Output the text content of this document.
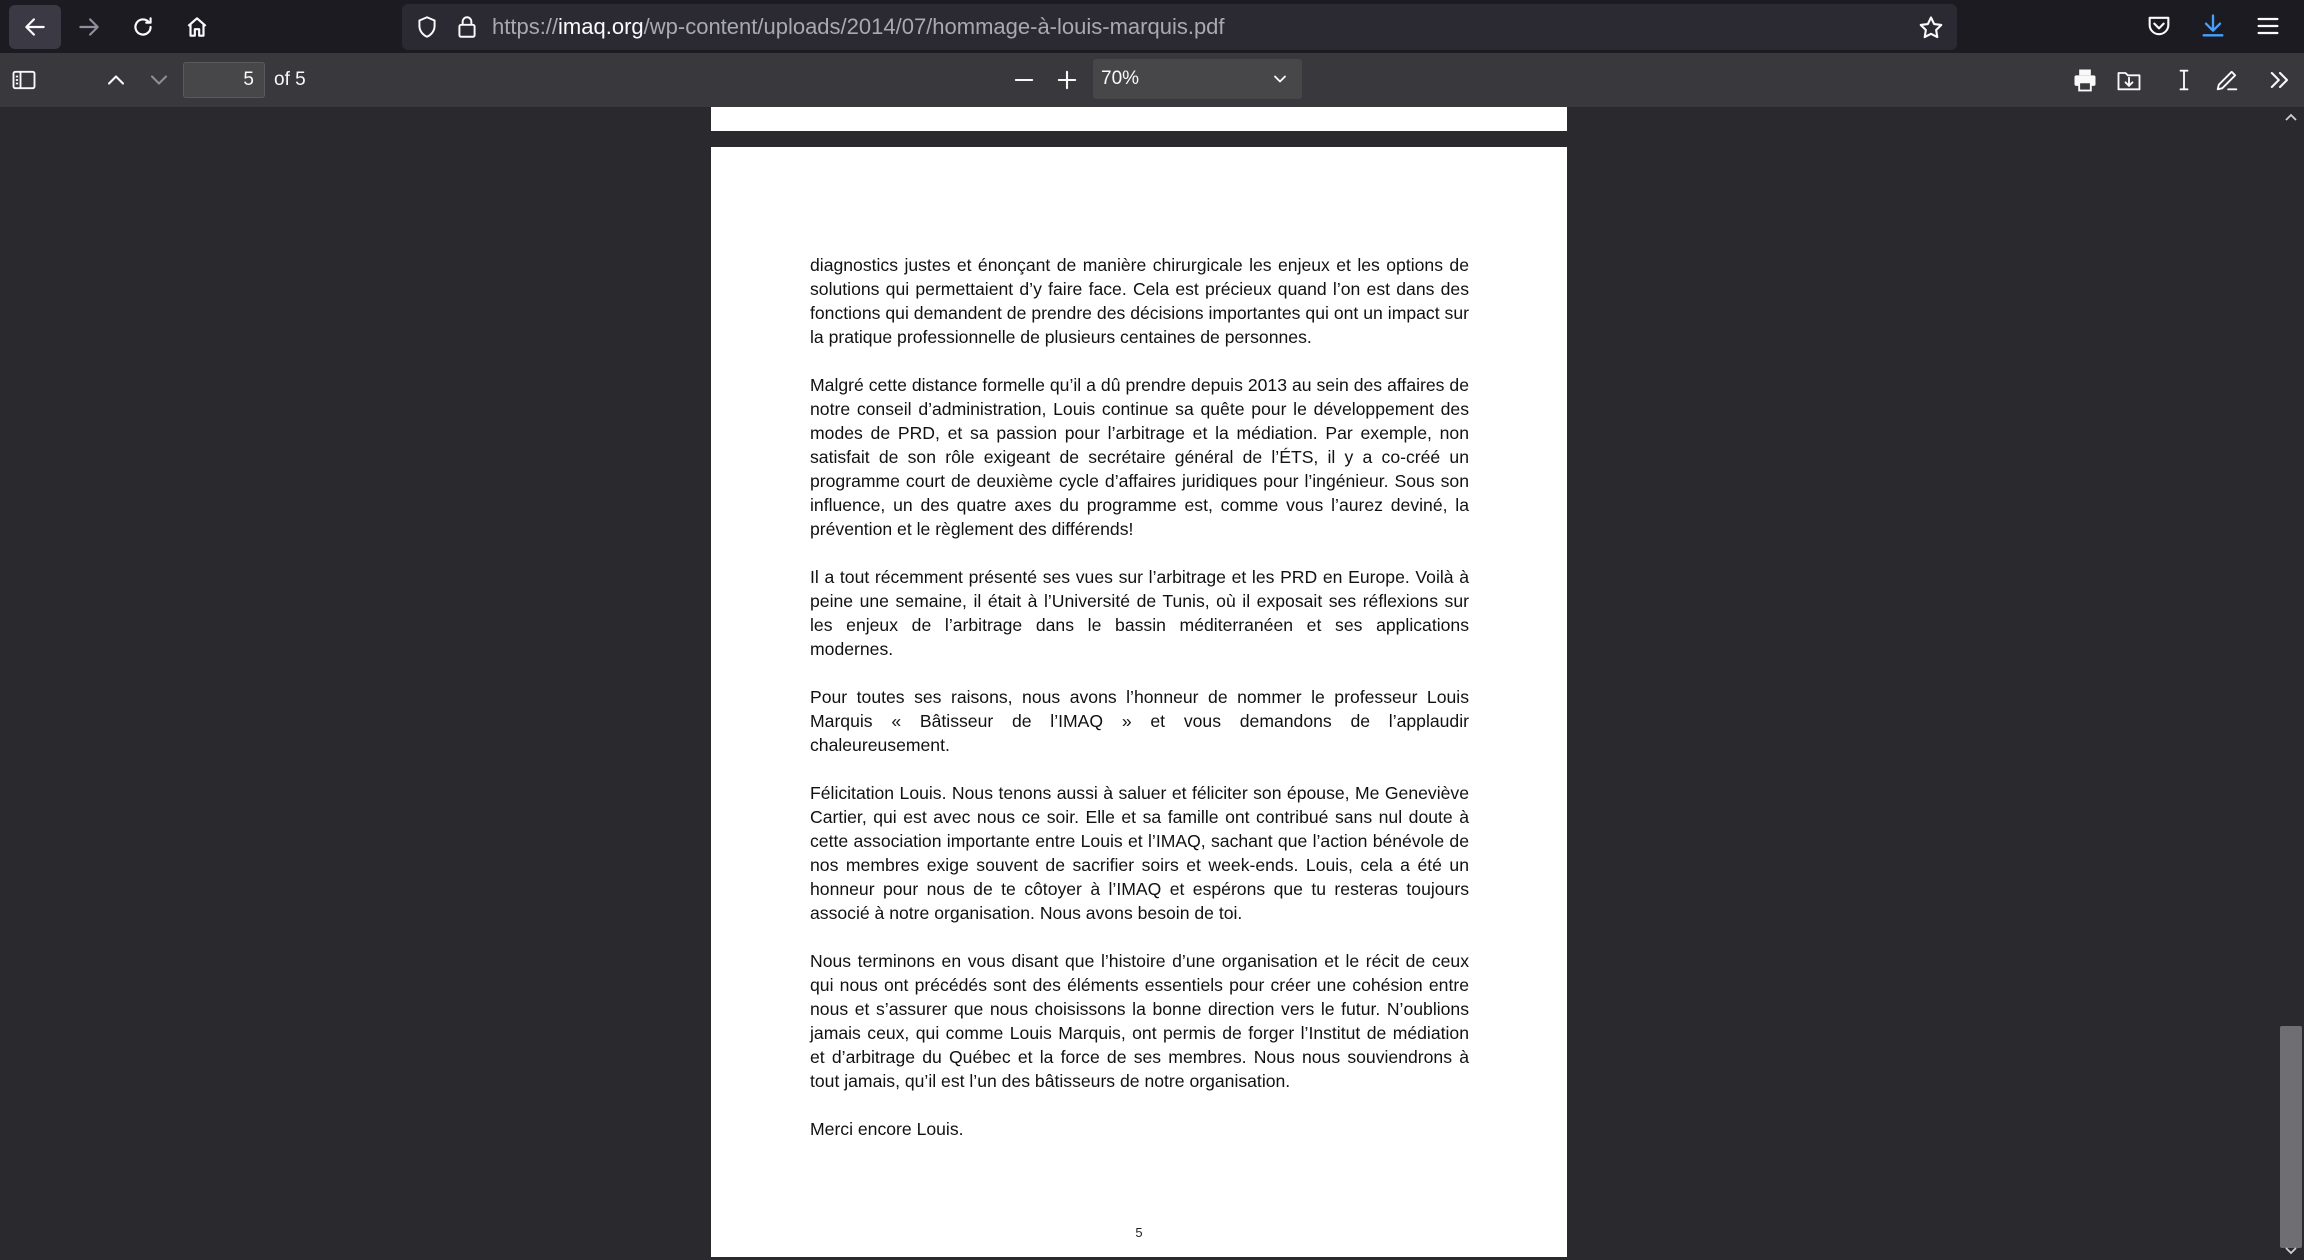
https://imaq.org/wp-content/uploads/2014/07/hommage-à-louis-marquis.pdf
5	of 5	70%

diagnostics justes et énonçant de manière chirurgicale les enjeux et les options de solutions qui permettaient d’y faire face. Cela est précieux quand l’on est dans des fonctions qui demandent de prendre des décisions importantes qui ont un impact sur la pratique professionnelle de plusieurs centaines de personnes.

Malgré cette distance formelle qu’il a dû prendre depuis 2013 au sein des affaires de notre conseil d’administration, Louis continue sa quête pour le développement des modes de PRD, et sa passion pour l’arbitrage et la médiation. Par exemple, non satisfait de son rôle exigeant de secrétaire général de l’ÉTS, il y a co-créé un programme court de deuxième cycle d’affaires juridiques pour l’ingénieur. Sous son influence, un des quatre axes du programme est, comme vous l’aurez deviné, la prévention et le règlement des différends!

Il a tout récemment présenté ses vues sur l’arbitrage et les PRD en Europe. Voilà à peine une semaine, il était à l’Université de Tunis, où il exposait ses réflexions sur les enjeux de l’arbitrage dans le bassin méditerranéen et ses applications modernes.

Pour toutes ses raisons, nous avons l’honneur de nommer le professeur Louis Marquis « Bâtisseur de l’IMAQ » et vous demandons de l’applaudir chaleureusement.

Félicitation Louis. Nous tenons aussi à saluer et féliciter son épouse, Me Geneviève Cartier, qui est avec nous ce soir. Elle et sa famille ont contribué sans nul doute à cette association importante entre Louis et l’IMAQ, sachant que l’action bénévole de nos membres exige souvent de sacrifier soirs et week-ends. Louis, cela a été un honneur pour nous de te côtoyer à l’IMAQ et espérons que tu resteras toujours associé à notre organisation. Nous avons besoin de toi.

Nous terminons en vous disant que l’histoire d’une organisation et le récit de ceux qui nous ont précédés sont des éléments essentiels pour créer une cohésion entre nous et s’assurer que nous choisissons la bonne direction vers le futur. N’oublions jamais ceux, qui comme Louis Marquis, ont permis de forger l’Institut de médiation et d’arbitrage du Québec et la force de ses membres. Nous nous souviendrons à tout jamais, qu’il est l’un des bâtisseurs de notre organisation.

Merci encore Louis.

5
